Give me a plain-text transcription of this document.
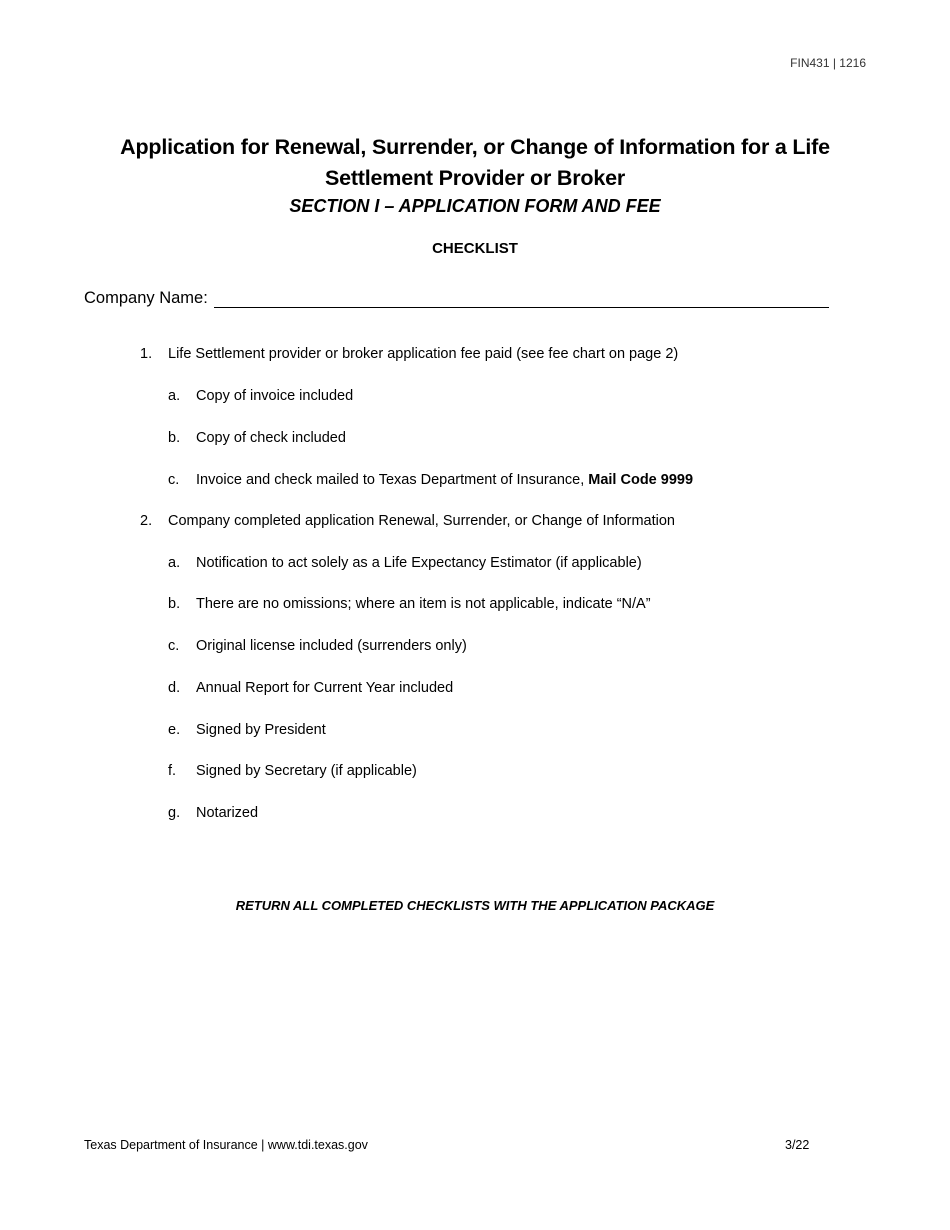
FIN431 | 1216
Application for Renewal, Surrender, or Change of Information for a Life
Settlement Provider or Broker
SECTION I – APPLICATION FORM AND FEE
CHECKLIST
Company Name:
1. Life Settlement provider or broker application fee paid (see fee chart on page 2)
a. Copy of invoice included
b. Copy of check included
c. Invoice and check mailed to Texas Department of Insurance, Mail Code 9999
2. Company completed application Renewal, Surrender, or Change of Information
a. Notification to act solely as a Life Expectancy Estimator (if applicable)
b. There are no omissions; where an item is not applicable, indicate “N/A”
c. Original license included (surrenders only)
d. Annual Report for Current Year included
e. Signed by President
f. Signed by Secretary (if applicable)
g. Notarized
RETURN ALL COMPLETED CHECKLISTS WITH THE APPLICATION PACKAGE
Texas Department of Insurance | www.tdi.texas.gov	3/22
